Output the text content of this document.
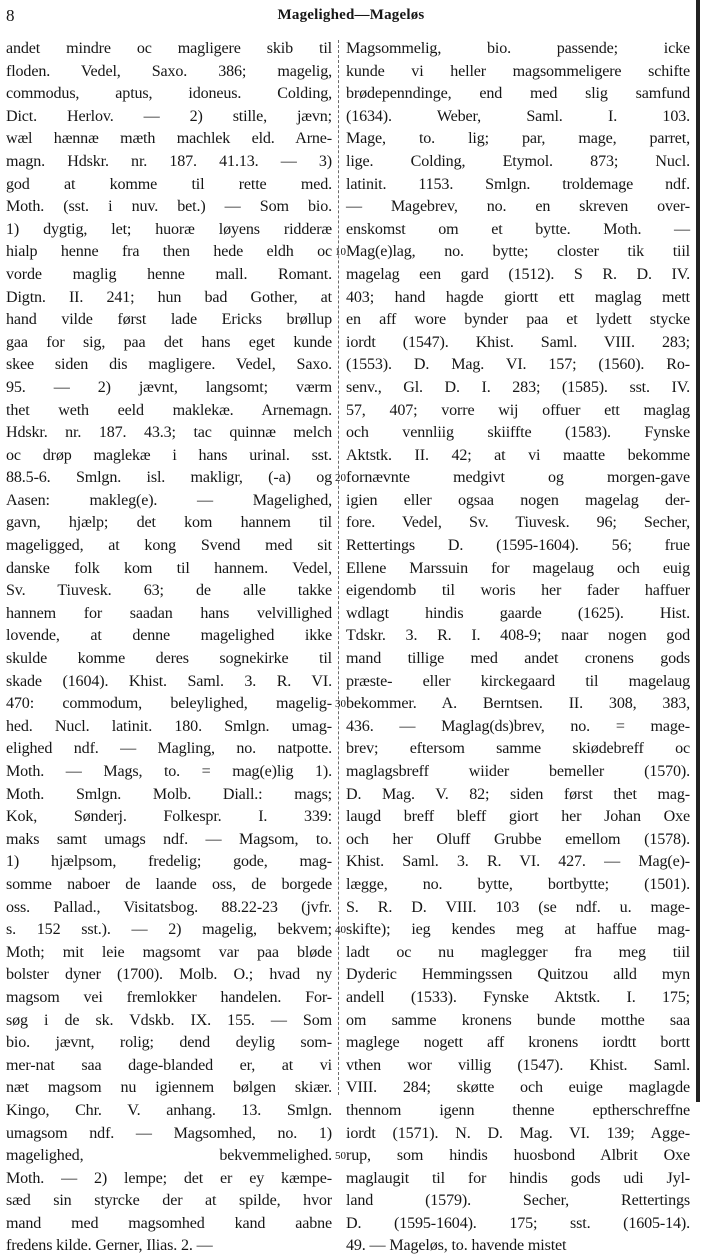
8	Magelighed—Mageløs
andet mindre oc magligere skib til
floden. Vedel, Saxo. 386; magelig,
commodus, aptus, idoneus. Colding,
Dict. Herlov. — 2) stille, jævn;
wæl hænnæ mæth machlek eld. Arne-
magn. Hdskr. nr. 187. 41.13. — 3)
god at komme til rette med.
Moth. (sst. i nuv. bet.) — Som bio.
1) dygtig, let; huoræ løyens ridderæ
hialp henne fra then hede eldh oc
vorde maglig henne mall. Romant.
Digtn. II. 241; hun bad Gother, at
hand vilde først lade Ericks brøllup
gaa for sig, paa det hans eget kunde
skee siden dis magligere. Vedel, Saxo.
95. — 2) jævnt, langsomt; værm
thet weth eeld maklekæ. Arnemagn.
Hdskr. nr. 187. 43.3; tac quinnæ melch
oc drøp maglekæ i hans urinal. sst.
88.5-6. Smlgn. isl. makligr, (-a) og
Aasen: makleg(e). — Magelighed,
gavn, hjælp; det kom hannem til
mageligged, at kong Svend med sit
danske folk kom til hannem. Vedel,
Sv. Tiuvesk. 63; de alle takke
hannem for saadan hans velvillighed
lovende, at denne magelighed ikke
skulde komme deres sognekirke til
skade (1604). Khist. Saml. 3. R. VI.
470: commodum, beleylighed, magelig-
hed. Nucl. latinit. 180. Smlgn. umag-
elighed ndf. — Magling, no. natpotte.
Moth. — Mags, to. = mag(e)lig 1).
Moth. Smlgn. Molb. Diall.: mags;
Kok, Sønderj. Folkespr. I. 339:
maks samt umags ndf. — Magsom, to.
1) hjælpsom, fredelig; gode, mag-
somme naboer de laande oss, de borgede
oss. Pallad., Visitatsbog. 88.22-23 (jvfr.
s. 152 sst.). — 2) magelig, bekvem;
Moth; mit leie magsomt var paa bløde
bolster dyner (1700). Molb. O.; hvad ny
magsom vei fremlokker handelen. For-
søg i de sk. Vdskb. IX. 155. — Som
bio. jævnt, rolig; dend deylig som-
mer-nat saa dage-blanded er, at vi
næt magsom nu igiennem bølgen skiær.
Kingo, Chr. V. anhang. 13. Smlgn.
umagsom ndf. — Magsomhed, no. 1)
magelighed, bekvemmelighed.
Moth. — 2) lempe; det er ey kæmpe-
sæd sin styrcke der at spilde, hvor
mand med magsomhed kand aabne
fredens kilde. Gerner, Ilias. 2. —
10
20
30
40
50
Magsommelig, bio. passende; icke
kunde vi heller magsommeligere schifte
brødepenndinge, end med slig samfund
(1634). Weber, Saml. I. 103.
Mage, to. lig; par, mage, parret,
lige. Colding, Etymol. 873; Nucl.
latinit. 1153. Smlgn. troldemage ndf.
— Magebrev, no. en skreven over-
enskomst om et bytte. Moth. —
Mag(e)lag, no. bytte; closter tik tiil
magelag een gard (1512). S R. D. IV.
403; hand hagde giortt ett maglag mett
en aff wore bynder paa et lydett stycke
iordt (1547). Khist. Saml. VIII. 283;
(1553). D. Mag. VI. 157; (1560). Ro-
senv., Gl. D. I. 283; (1585). sst. IV.
57, 407; vorre wij offuer ett maglag
och vennliig skiiffte (1583). Fynske
Aktstk. II. 42; at vi maatte bekomme
fornævnte medgivt og morgen-gave
igien eller ogsaa nogen magelag der-
fore. Vedel, Sv. Tiuvesk. 96; Secher,
Rettertings D. (1595-1604). 56; frue
Ellene Marssuin for magelaug och euig
eigendomb til woris her fader haffuer
wdlagt hindis gaarde (1625). Hist.
Tdskr. 3. R. I. 408-9; naar nogen god
mand tillige med andet cronens gods
præste- eller kirckegaard til magelaug
bekommer. A. Berntsen. II. 308, 383,
436. — Maglag(ds)brev, no. = mage-
brev; eftersom samme skiødebreff oc
maglagsbreff wiider bemeller (1570).
D. Mag. V. 82; siden først thet mag-
laugd breff bleff giort her Johan Oxe
och her Oluff Grubbe emellom (1578).
Khist. Saml. 3. R. VI. 427. — Mag(e)-
lægge, no. bytte, bortbytte; (1501).
S. R. D. VIII. 103 (se ndf. u. mage-
skifte); ieg kendes meg at haffue mag-
ladt oc nu maglegger fra meg tiil
Dyderic Hemmingssen Quitzou alld myn
andell (1533). Fynske Aktstk. I. 175;
om samme kronens bunde motthe saa
maglege nogett aff kronens iordtt bortt
vthen wor villig (1547). Khist. Saml.
VIII. 284; skøtte och euige maglagde
thennom igenn thenne eptherschreffne
iordt (1571). N. D. Mag. VI. 139; Agge-
rup, som hindis huosbond Albrit Oxe
maglaugit til for hindis gods udi Jyl-
land (1579). Secher, Rettertings
D. (1595-1604). 175; sst. (1605-14).
49. — Mageløs, to. havende mistet
